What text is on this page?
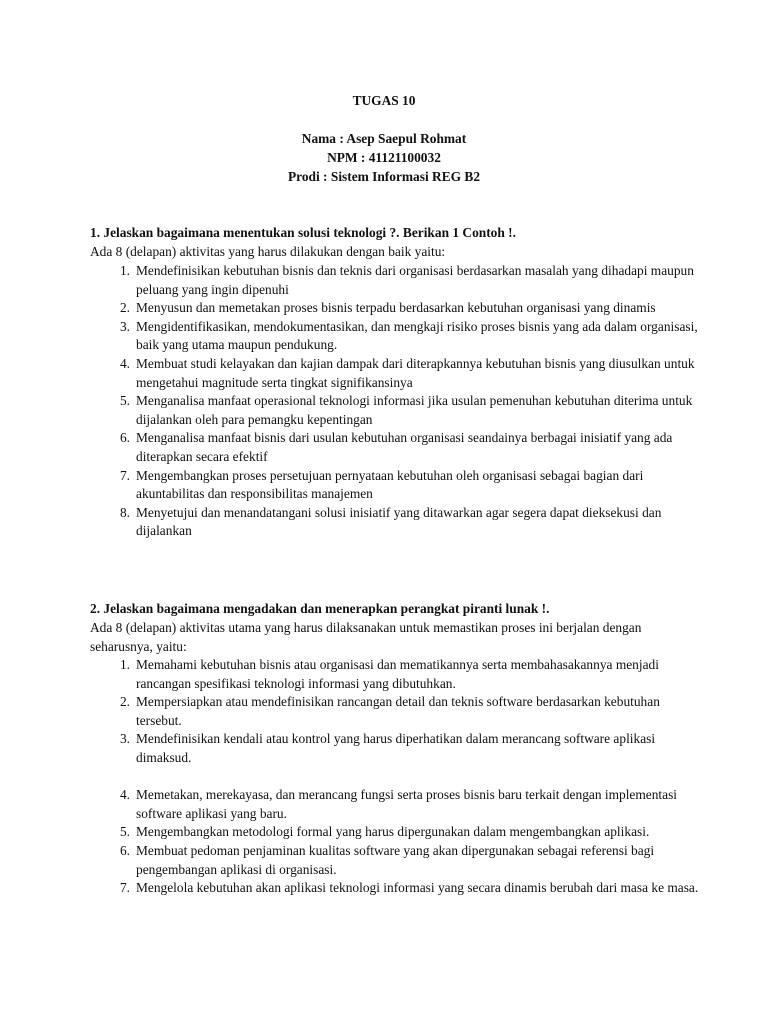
TUGAS 10
Nama : Asep Saepul Rohmat
NPM : 41121100032
Prodi : Sistem Informasi REG B2
1. Jelaskan bagaimana menentukan solusi teknologi ?. Berikan 1 Contoh !.
Ada 8 (delapan) aktivitas yang harus dilakukan dengan baik yaitu:
1. Mendefinisikan kebutuhan bisnis dan teknis dari organisasi berdasarkan masalah yang dihadapi maupun peluang yang ingin dipenuhi
2. Menyusun dan memetakan proses bisnis terpadu berdasarkan kebutuhan organisasi yang dinamis
3. Mengidentifikasikan, mendokumentasikan, dan mengkaji risiko proses bisnis yang ada dalam organisasi, baik yang utama maupun pendukung.
4. Membuat studi kelayakan dan kajian dampak dari diterapkannya kebutuhan bisnis yang diusulkan untuk mengetahui magnitude serta tingkat signifikansinya
5. Menganalisa manfaat operasional teknologi informasi jika usulan pemenuhan kebutuhan diterima untuk dijalankan oleh para pemangku kepentingan
6. Menganalisa manfaat bisnis dari usulan kebutuhan organisasi seandainya berbagai inisiatif yang ada diterapkan secara efektif
7. Mengembangkan proses persetujuan pernyataan kebutuhan oleh organisasi sebagai bagian dari akuntabilitas dan responsibilitas manajemen
8. Menyetujui dan menandatangani solusi inisiatif yang ditawarkan agar segera dapat dieksekusi dan dijalankan
2. Jelaskan bagaimana mengadakan dan menerapkan perangkat piranti lunak !.
Ada 8 (delapan) aktivitas utama yang harus dilaksanakan untuk memastikan proses ini berjalan dengan seharusnya, yaitu:
1. Memahami kebutuhan bisnis atau organisasi dan mematikannya serta membahasakannya menjadi rancangan spesifikasi teknologi informasi yang dibutuhkan.
2. Mempersiapkan atau mendefinisikan rancangan detail dan teknis software berdasarkan kebutuhan tersebut.
3. Mendefinisikan kendali atau kontrol yang harus diperhatikan dalam merancang software aplikasi dimaksud.
4. Memetakan, merekayasa, dan merancang fungsi serta proses bisnis baru terkait dengan implementasi software aplikasi yang baru.
5. Mengembangkan metodologi formal yang harus dipergunakan dalam mengembangkan aplikasi.
6. Membuat pedoman penjaminan kualitas software yang akan dipergunakan sebagai referensi bagi pengembangan aplikasi di organisasi.
7. Mengelola kebutuhan akan aplikasi teknologi informasi yang secara dinamis berubah dari masa ke masa.
